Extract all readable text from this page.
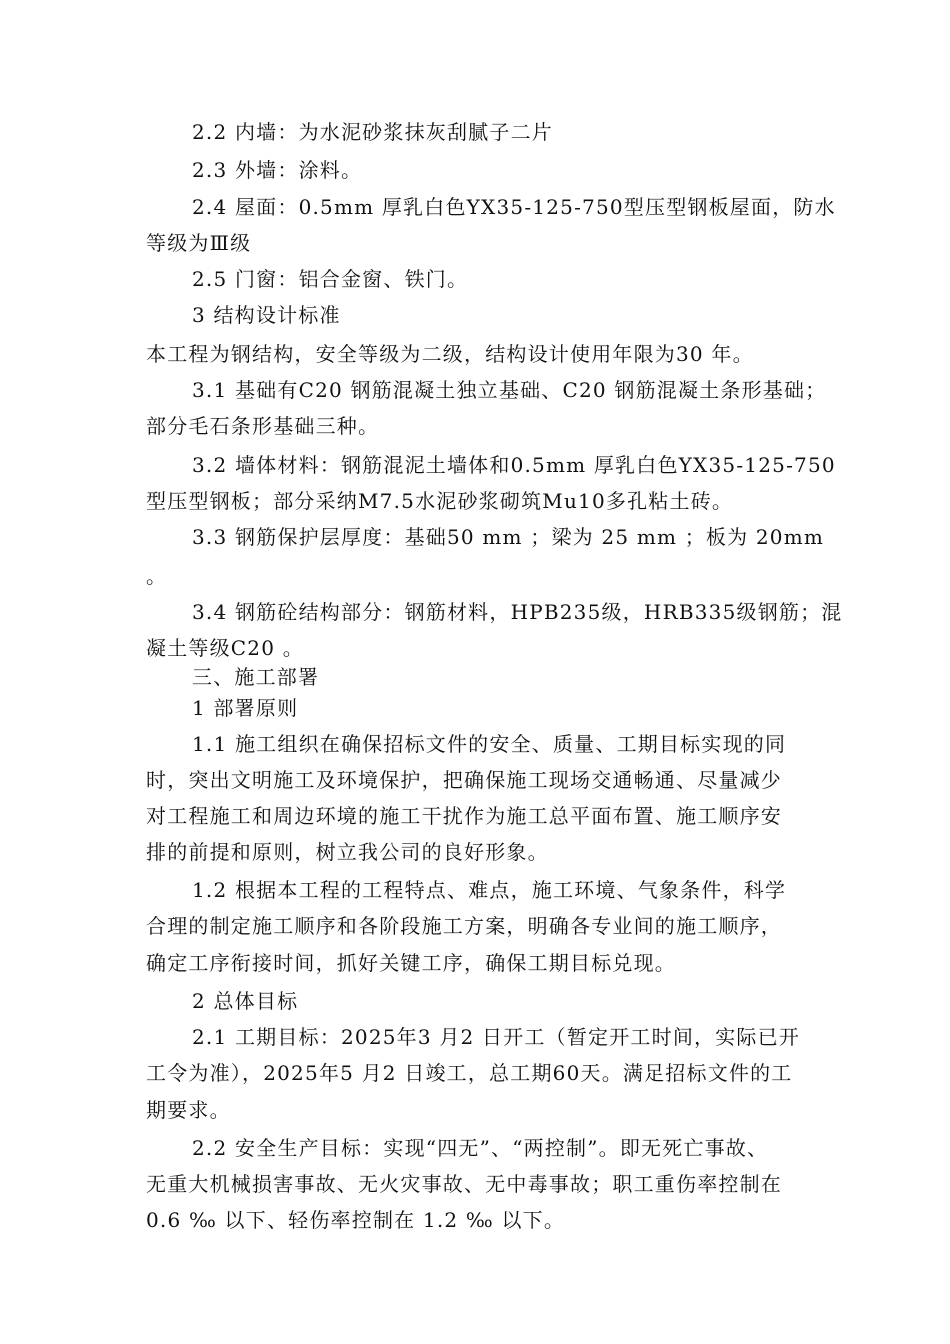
2.2 内墙：为水泥砂浆抹灰刮腻子二片
2.3 外墙：涂料。
2.4 屋面：0.5mm 厚乳白色YX35-125-750型压型钢板屋面，防水
等级为Ⅲ级
2.5 门窗：铝合金窗、铁门。
3 结构设计标准
本工程为钢结构，安全等级为二级，结构设计使用年限为30 年。
3.1 基础有C20 钢筋混凝土独立基础、C20 钢筋混凝土条形基础；
部分毛石条形基础三种。
3.2 墙体材料：钢筋混泥土墙体和0.5mm 厚乳白色YX35-125-750
型压型钢板；部分采纳M7.5水泥砂浆砌筑Mu10多孔粘土砖。
3.3 钢筋保护层厚度：基础50 mm ；梁为 25 mm ；板为 20mm
。
3.4 钢筋砼结构部分：钢筋材料，HPB235级，HRB335级钢筋；混
凝土等级C20 。
三、施工部署
1 部署原则
1.1 施工组织在确保招标文件的安全、质量、工期目标实现的同
时，突出文明施工及环境保护，把确保施工现场交通畅通、尽量减少
对工程施工和周边环境的施工干扰作为施工总平面布置、施工顺序安
排的前提和原则，树立我公司的良好形象。
1.2 根据本工程的工程特点、难点，施工环境、气象条件，科学
合理的制定施工顺序和各阶段施工方案，明确各专业间的施工顺序，
确定工序衔接时间，抓好关键工序，确保工期目标兑现。
2 总体目标
2.1 工期目标：2025年3 月2 日开工（暂定开工时间，实际已开
工令为准），2025年5 月2 日竣工，总工期60天。满足招标文件的工
期要求。
2.2 安全生产目标：实现“四无”、“两控制”。即无死亡事故、
无重大机械损害事故、无火灾事故、无中毒事故；职工重伤率控制在
0.6 ‰ 以下、轻伤率控制在 1.2 ‰ 以下。
